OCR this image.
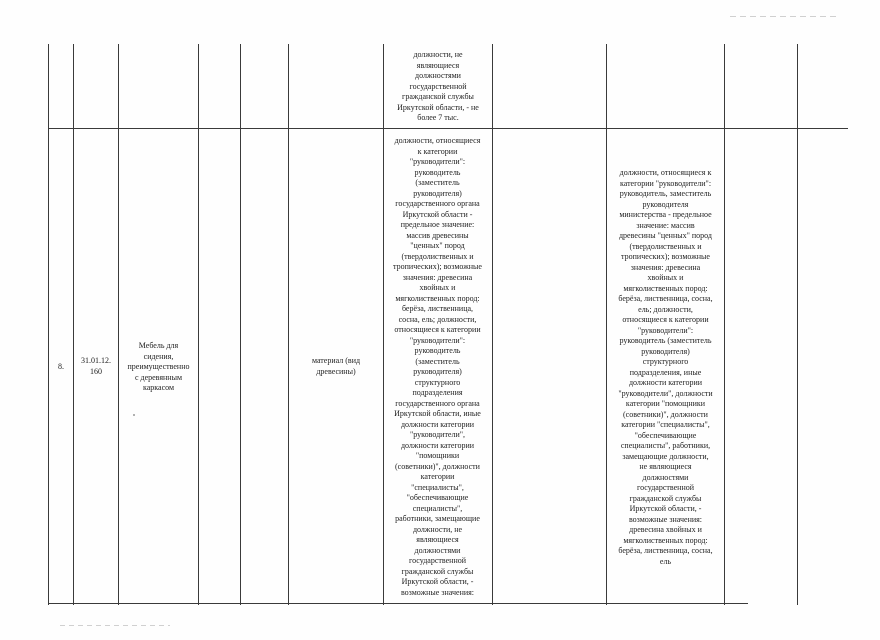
должности, не
являющиеся
должностями
государственной
гражданской службы
Иркутской области, - не
более 7 тыс.
8.
31.01.12.
160
Мебель для
сидения,
преимущественно
с деревянным
каркасом
материал (вид
древесины)
должности, относящиеся
к категории
"руководители":
руководитель
(заместитель
руководителя)
государственного органа
Иркутской области -
предельное значение:
массив древесины
"ценных" пород
(твердолиственных и
тропических); возможные
значения: древесина
хвойных и
мягколиственных пород:
берёза, лиственница,
сосна, ель; должности,
относящиеся к категории
"руководители":
руководитель
(заместитель
руководителя)
структурного
подразделения
государственного органа
Иркутской области, иные
должности категории
"руководители",
должности категории
"помощники
(советники)", должности
категории
"специалисты",
"обеспечивающие
специалисты",
работники, замещающие
должности, не
являющиеся
должностями
государственной
гражданской службы
Иркутской области, -
возможные значения:
должности, относящиеся к
категории "руководители":
руководитель, заместитель
руководителя
министерства - предельное
значение: массив
древесины "ценных" пород
(твердолиственных и
тропических); возможные
значения: древесина
хвойных и
мягколиственных пород:
берёза, лиственница, сосна,
ель; должности,
относящиеся к категории
"руководители":
руководитель (заместитель
руководителя)
структурного
подразделения, иные
должности категории
"руководители", должности
категории "помощники
(советники)", должности
категории "специалисты",
"обеспечивающие
специалисты", работники,
замещающие должности,
не являющиеся
должностями
государственной
гражданской службы
Иркутской области, -
возможные значения:
древесина хвойных и
мягколиственных пород:
берёза, лиственница, сосна,
ель
